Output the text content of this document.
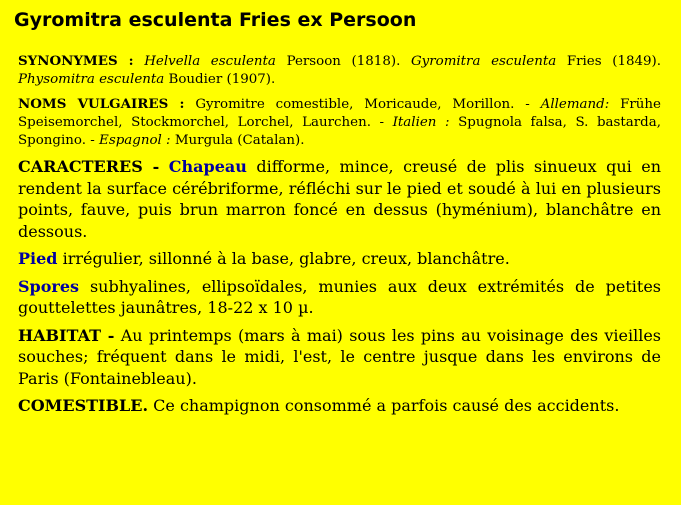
Gyromitra esculenta Fries ex Persoon

SYNONYMES : Helvella esculenta Persoon (1818). Gyromitra esculenta Fries (1849). Physomitra esculenta Boudier (1907).

NOMS VULGAIRES : Gyromitre comestible, Moricaude, Morillon. - Allemand: Frühe Speisemorchel, Stockmorchel, Lorchel, Laurchen. - Italien : Spugnola falsa, S. bastarda, Spongino. - Espagnol : Murgula (Catalan).

CARACTERES - Chapeau difforme, mince, creusé de plis sinueux qui en rendent la surface cérébriforme, réfléchi sur le pied et soudé à lui en plusieurs points, fauve, puis brun marron foncé en dessus (hyménium), blanchâtre en dessous.

Pied irrégulier, sillonné à la base, glabre, creux, blanchâtre.

Spores subhyalines, ellipsoïdales, munies aux deux extrémités de petites gouttelettes jaunâtres, 18-22 x 10 µ.

HABITAT - Au printemps (mars à mai) sous les pins au voisinage des vieilles souches; fréquent dans le midi, l'est, le centre jusque dans les environs de Paris (Fontainebleau).

COMESTIBLE. Ce champignon consommé a parfois causé des accidents.
